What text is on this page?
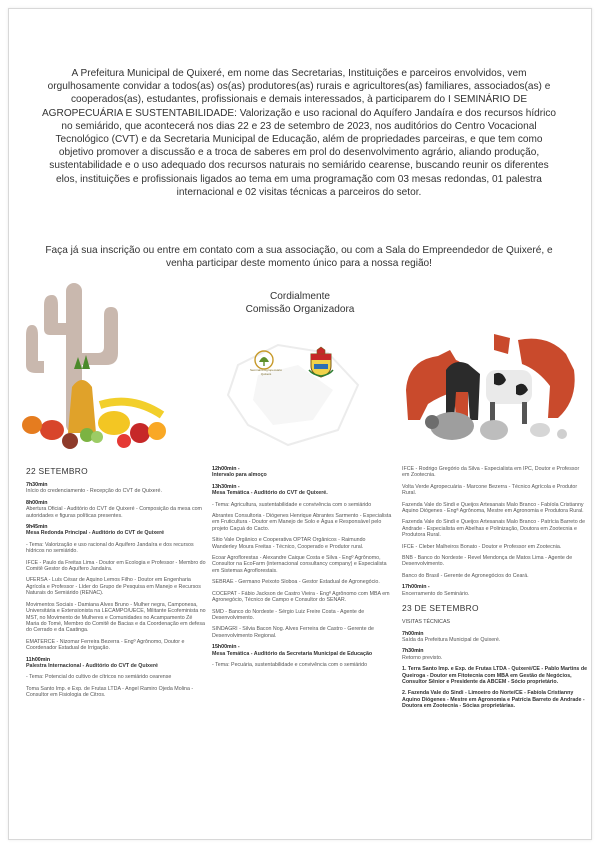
A Prefeitura Municipal de Quixeré, em nome das Secretarias, Instituições e parceiros envolvidos, vem orgulhosamente convidar a todos(as) os(as) produtores(as) rurais e agricultores(as) familiares, associados(as) e cooperados(as), estudantes, profissionais e demais interessados, à participarem do I SEMINÁRIO DE AGROPECUÁRIA E SUSTENTABILIDADE: Valorização e uso racional do Aquífero Jandaíra e dos recursos hídrico no semiárido, que acontecerá nos dias 22 e 23 de setembro de 2023, nos auditórios do Centro Vocacional Tecnológico (CVT) e da Secretaria Municipal de Educação, além de propriedades parceiras, e que tem como objetivo promover a discussão e a troca de saberes em prol do desenvolvimento agrário, aliando produção, sustentabilidade e o uso adequado dos recursos naturais no semiárido cearense, buscando reunir os diferentes elos, instituições e profissionais ligados ao tema em uma programação com 03 mesas redondas, 01 palestra internacional e 02 visitas técnicas a parceiros do setor.
Faça já sua inscrição ou entre em contato com a sua associação, ou com a Sala do Empreendedor de Quixeré, e venha participar deste momento único para a nossa região!
Cordialmente
Comissão Organizadora
Seminário Agropecuário Quixeré
22 SETEMBRO
7h30min
Início do credenciamento - Recepção do CVT de Quixeré.
8h00min
Abertura Oficial - Auditório do CVT de Quixeré - Composição da mesa com autoridades e figuras políticas presentes.
9h45min
Mesa Redonda Principal - Auditório do CVT de Quixeré
- Tema: Valorização e uso racional do Aquífero Jandaíra e dos recursos hídricos no semiárido.
IFCE - Paulo da Freitas Lima - Doutor em Ecologia e Professor - Membro do Comitê Gestor do Aquífero Jandaíra.
UFERSA - Luís César de Aquino Lemos Filho - Doutor em Engenharia Agrícola e Professor - Líder do Grupo de Pesquisa em Manejo e Recursos Naturais do Semiárido (RENAC).
Movimentos Sociais - Damiana Alves Bruno - Mulher negra, Camponesa, Universitária e Extensionista na LECAMPO/UECE, Militante Ecofeminista no MST, no Movimento de Mulheres e Comunidades no Acampamento Zé Maria do Tomé, Membro do Comitê de Bacias e da Coordenação em defesa do Cerrado e da Caatinga.
EMATERCE - Nizomar Ferreira Bezerra - Engº Agrônomo, Doutor e Coordenador Estadual de Irrigação.
11h00min
Palestra Internacional - Auditório do CVT de Quixeré
- Tema: Potencial do cultivo de cítricos no semiárido cearense
Toma Santo Imp. e Exp. de Frutas LTDA - Angel Ramiro Ojeda Molina - Consultor em Fisiologia de Citros.
12h00min -
Intervalo para almoço
13h30min -
Mesa Temática - Auditório do CVT de Quixeré.
- Tema: Agricultura, sustentabilidade e convivência com o semiárido
Abrantes Consultoria - Diógenes Henrique Abrantes Sarmento - Especialista em Fruticultura - Doutor em Manejo de Solo e Água e Responsável pelo projeto Caçuá do Cacto.
Sítio Vale Orgânico e Cooperativa OPTAR Orgânicos - Raimundo Wanderley Moura Freitas - Técnico, Cooperado e Produtor rural.
Ecoar Agroflorestas - Alexandre Caique Costa e Silva - Engº Agrônomo, Consultor na EcoFarm (internacional consultancy company) e Especialista em Sistemas Agroflorestais.
SEBRAE - Germano Peixoto Sloboa - Gestor Estadual de Agronegócio.
COCEPAT - Fábio Jackson de Castro Vieira - Engº Agrônomo com MBA em Agronegócio, Técnico de Campo e Consultor do SENAR.
SMD - Banco do Nordeste - Sérgio Luiz Freire Costa - Agente de Desenvolvimento.
SINDAGRI - Silvia Bacon Nog. Alves Ferreira de Castro - Gerente de Desenvolvimento Regional.
15h00min -
Mesa Temática - Auditório da Secretaria Municipal de Educação
- Tema: Pecuária, sustentabilidade e convivência com o semiárido
IFCE - Rodrigo Gregório da Silva - Especialista em IPC, Doutor e Professor em Zootecnia.
Volta Verde Agropecuária - Marcone Bezerra - Técnico Agrícola e Produtor Rural.
Fazenda Vale do Sindi e Queijos Artesanais Malo Branco - Fabíola Cristianny Aquino Diógenes - Engª Agrônoma, Mestre em Agronomia e Produtora Rural.
Fazenda Vale do Sindi e Queijos Artesanais Malo Branco - Patrícia Barreto de Andrade - Especialista em Abelhas e Polinização, Doutora em Zootecnia e Produtora Rural.
IFCE - Cleber Malheiros Bonato - Doutor e Professor em Zootecnia.
BNB - Banco do Nordeste - Revel Mendonça de Matos Lima - Agente de Desenvolvimento.
Banco do Brasil - Gerente de Agronegócios do Ceará.
17h00min -
Encerramento do Seminário.
23 DE SETEMBRO
VISITAS TÉCNICAS
7h00min
Saída da Prefeitura Municipal de Quixeré.
7h30min
Retorno previsto.
1. Terra Santo Imp. e Exp. de Frutas LTDA - Quixeré/CE - Pablo Martins de Queiroga - Doutor em Fitotecnia com MBA em Gestão de Negócios, Consultor Sênior e Presidente da ABCEM - Sócio proprietário.
2. Fazenda Vale do Sindi - Limoeiro do Norte/CE - Fabíola Cristianny Aquino Diógenes - Mestre em Agronomia e Patrícia Barreto de Andrade - Doutora em Zootecnia - Sócias proprietárias.
